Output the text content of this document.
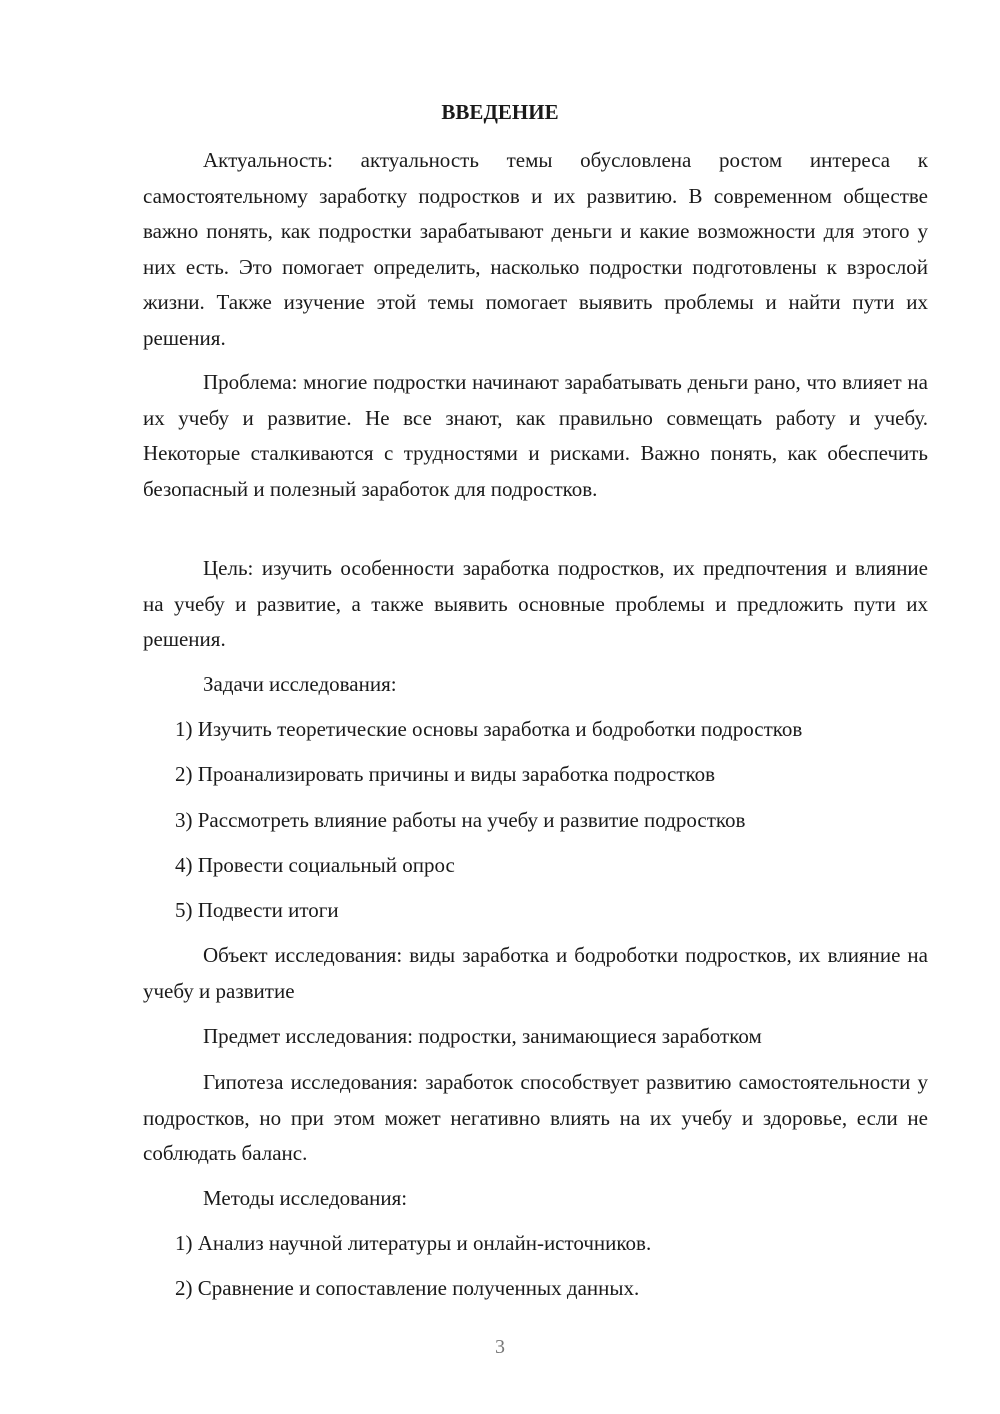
ВВЕДЕНИЕ
Актуальность: актуальность темы обусловлена ростом интереса к самостоятельному заработку подростков и их развитию. В современном обществе важно понять, как подростки зарабатывают деньги и какие возможности для этого у них есть. Это помогает определить, насколько подростки подготовлены к взрослой жизни. Также изучение этой темы помогает выявить проблемы и найти пути их решения.
Проблема: многие подростки начинают зарабатывать деньги рано, что влияет на их учебу и развитие. Не все знают, как правильно совмещать работу и учебу. Некоторые сталкиваются с трудностями и рисками. Важно понять, как обеспечить безопасный и полезный заработок для подростков.
Цель: изучить особенности заработка подростков, их предпочтения и влияние на учебу и развитие, а также выявить основные проблемы и предложить пути их решения.
Задачи исследования:
1) Изучить теоретические основы заработка и бодроботки подростков
2) Проанализировать причины и виды заработка подростков
3) Рассмотреть влияние работы на учебу и развитие подростков
4) Провести социальный опрос
5) Подвести итоги
Объект исследования: виды заработка и бодроботки подростков, их влияние на учебу и развитие
Предмет исследования: подростки, занимающиеся заработком
Гипотеза исследования: заработок способствует развитию самостоятельности у подростков, но при этом может негативно влиять на их учебу и здоровье, если не соблюдать баланс.
Методы исследования:
1) Анализ научной литературы и онлайн-источников.
2) Сравнение и сопоставление полученных данных.
3
